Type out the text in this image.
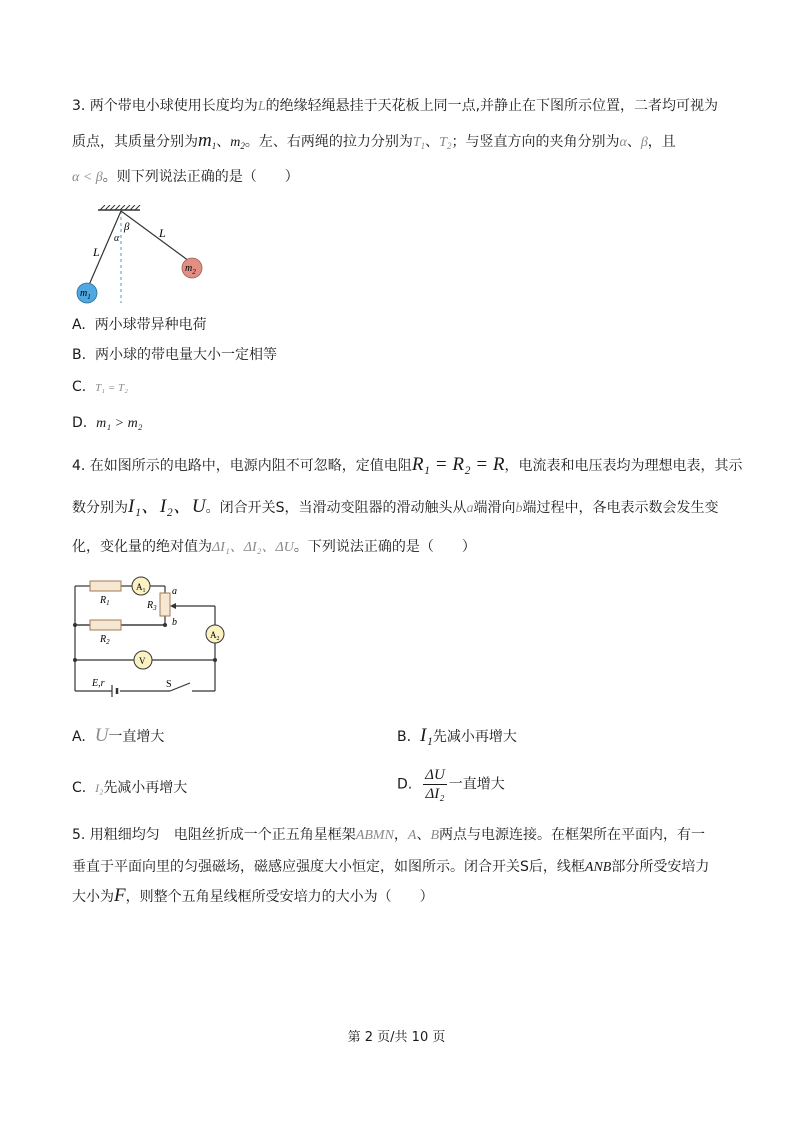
3. 两个带电小球使用长度均为L的绝缘轻绳悬挂于天花板上同一点,并静止在下图所示位置，二者均可视为
质点，其质量分别为$m_1$、$m_2$。左、右两绳的拉力分别为$T_1$、$T_2$；与竖直方向的夹角分别为α、β，且
α < β。则下列说法正确的是（　　）
α
β
L
L
$m_1$
$m_2$
A. 两小球带异种电荷
B. 两小球的带电量大小一定相等
C. T₁ = T₂
D. m₁ > m₂
4. 在如图所示的电路中，电源内阻不可忽略，定值电阻R₁ = R₂ = R，电流表和电压表均为理想电表，其示
数分别为I₁、I₂、U。闭合开关S，当滑动变阻器的滑动触头从a端滑向b端过程中，各电表示数会发生变
化，变化量的绝对值为ΔI₁、ΔI₂、ΔU。下列说法正确的是（　　）
$A_1$
$A_2$
V
$R_1$
$R_2$
$R_3$
a
b
E,r	S
A. U一直增大	B. I₁先减小再增大
C. I₂先减小再增大	D. $\frac{\Delta U}{\text{ΔI₂}}$ 一直增大
5. 用粗细均匀　电阻丝折成一个正五角星框架ABMN，A、B两点与电源连接。在框架所在平面内，有一
垂直于平面向里的匀强磁场，磁感应强度大小恒定，如图所示。闭合开关S后，线框ANB部分所受安培力
大小为F，则整个五角星线框所受安培力的大小为（　　）
第 2 页/共 10 页
